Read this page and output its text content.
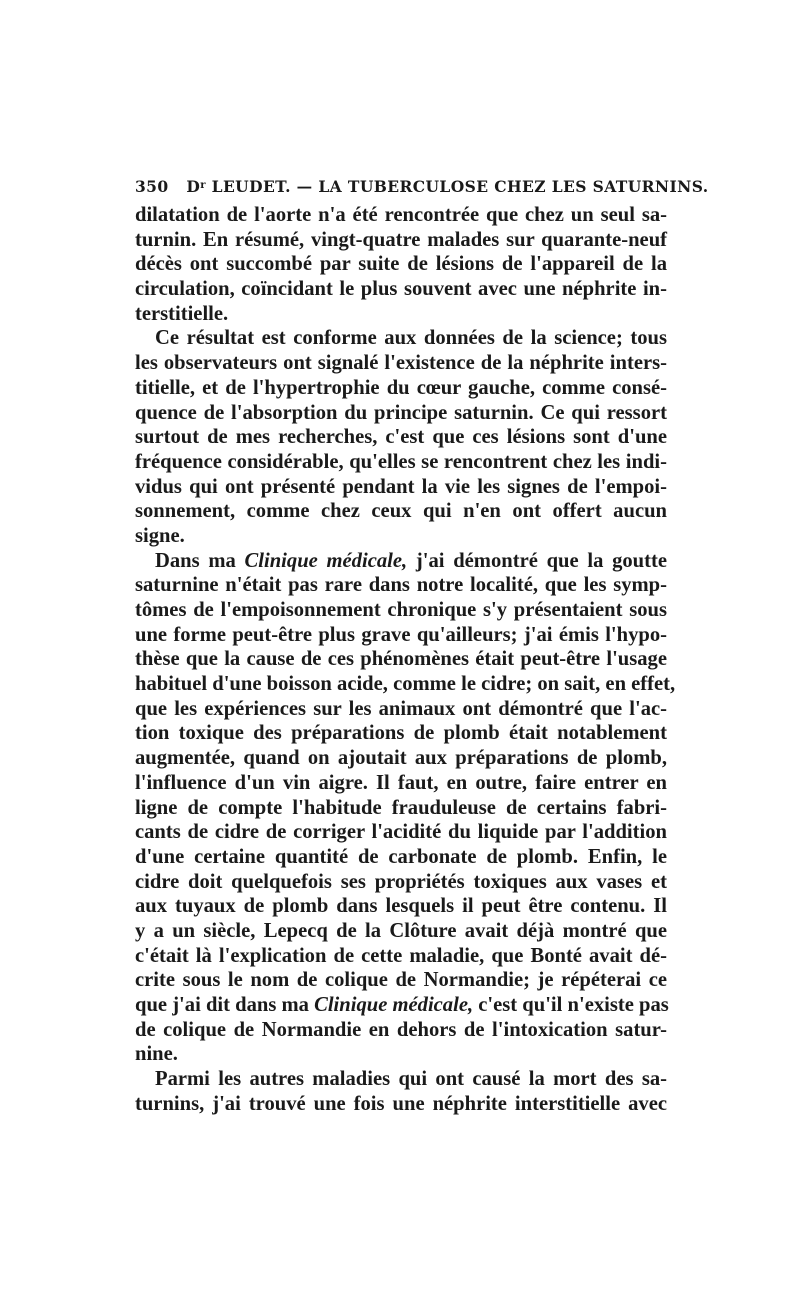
350 $D^r$ LEUDET. — LA TUBERCULOSE CHEZ LES SATURNINS.
dilatation de l'aorte n'a été rencontrée que chez un seul sa-
turnin. En résumé, vingt-quatre malades sur quarante-neuf
décès ont succombé par suite de lésions de l'appareil de la
circulation, coïncidant le plus souvent avec une néphrite in-
terstitielle.
Ce résultat est conforme aux données de la science; tous
les observateurs ont signalé l'existence de la néphrite inters-
titielle, et de l'hypertrophie du cœur gauche, comme consé-
quence de l'absorption du principe saturnin. Ce qui ressort
surtout de mes recherches, c'est que ces lésions sont d'une
fréquence considérable, qu'elles se rencontrent chez les indi-
vidus qui ont présenté pendant la vie les signes de l'empoi-
sonnement, comme chez ceux qui n'en ont offert aucun
signe.
Dans ma Clinique médicale, j'ai démontré que la goutte
saturnine n'était pas rare dans notre localité, que les symp-
tômes de l'empoisonnement chronique s'y présentaient sous
une forme peut-être plus grave qu'ailleurs; j'ai émis l'hypo-
thèse que la cause de ces phénomènes était peut-être l'usage
habituel d'une boisson acide, comme le cidre; on sait, en effet,
que les expériences sur les animaux ont démontré que l'ac-
tion toxique des préparations de plomb était notablement
augmentée, quand on ajoutait aux préparations de plomb,
l'influence d'un vin aigre. Il faut, en outre, faire entrer en
ligne de compte l'habitude frauduleuse de certains fabri-
cants de cidre de corriger l'acidité du liquide par l'addition
d'une certaine quantité de carbonate de plomb. Enfin, le
cidre doit quelquefois ses propriétés toxiques aux vases et
aux tuyaux de plomb dans lesquels il peut être contenu. Il
y a un siècle, Lepecq de la Clôture avait déjà montré que
c'était là l'explication de cette maladie, que Bonté avait dé-
crite sous le nom de colique de Normandie; je répéterai ce
que j'ai dit dans ma Clinique médicale, c'est qu'il n'existe pas
de colique de Normandie en dehors de l'intoxication satur-
nine.
Parmi les autres maladies qui ont causé la mort des sa-
turnins, j'ai trouvé une fois une néphrite interstitielle avec
